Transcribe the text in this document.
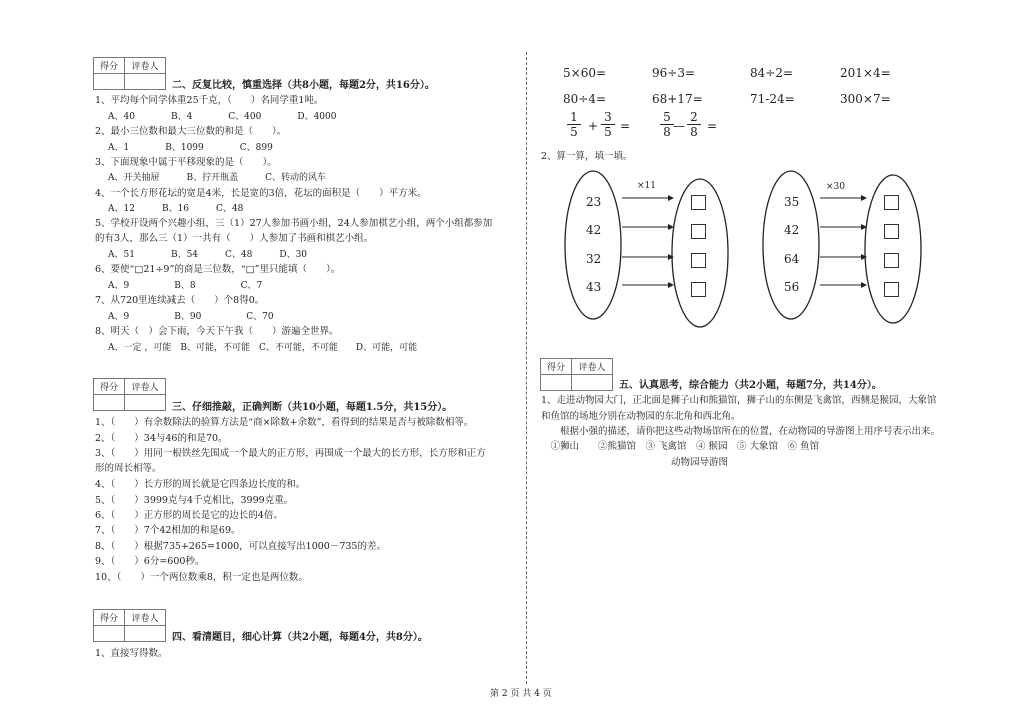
得分	评卷人

得分	评卷人

得分	评卷人

得分	评卷人

二、反复比较，慎重选择（共8小题，每题2分，共16分）。
1、平均每个同学体重25千克，（　　）名同学重1吨。
A、40　　　　B、4　　　　C、400　　　　D、4000
2、最小三位数和最大三位数的和是（　　）。
A、1　　　　B、1099　　　　C、899
3、下面现象中属于平移现象的是（　　）。
A、开关抽屉　　　B、拧开瓶盖　　　C、转动的风车
4、一个长方形花坛的宽是4米，长是宽的3倍，花坛的面积是（　　）平方米。
A、12　　　B、16　　　C、48
5、学校开设两个兴趣小组，三（1）27人参加书画小组，24人参加棋艺小组，两个小组都参加
的有3人，那么三（1）一共有（　　）人参加了书画和棋艺小组。
A、51　　　　B、54　　　C、48　　　D、30
6、要使“□21÷9”的商是三位数，“□”里只能填（　　）。
A、9　　　　　B、8　　　　　C、7
7、从720里连续减去（　　）个8得0。
A、9　　　　　B、90　　　　　C、70
8、明天（　）会下雨，今天下午我（　　）游遍全世界。
A、一定 ，可能　B、可能，不可能　C、不可能，不可能　　D、可能，可能
三、仔细推敲，正确判断（共10小题，每题1.5分，共15分）。
1、（　　）有余数除法的验算方法是“商×除数+余数”，看得到的结果是否与被除数相等。
2、（　　）34与46的和是70。
3、（　　）用同一根铁丝先围成一个最大的正方形，再围成一个最大的长方形，长方形和正方
形的周长相等。
4、（　　）长方形的周长就是它四条边长度的和。
5、（　　）3999克与4千克相比，3999克重。
6、（　　）正方形的周长是它的边长的4倍。
7、（　　）7个42相加的和是69。
8、（　　）根据735+265=1000，可以直接写出1000－735的差。
9、（　　）6分=600秒。
10、（　　）一个两位数乘8，积一定也是两位数。
四、看清题目，细心计算（共2小题，每题4分，共8分）。
1、直接写得数。
5×60=	96÷3=	84÷2=	201×4=
80÷4=	68+17=	71-24=	300×7=
$\frac{1}{5} + \frac{3}{5} = \frac{5}{8}$ — $\frac{2}{8}$ =
2、算一算，填一填。
×11
23
42
32
43
×30
35
42
64
56
五、认真思考，综合能力（共2小题，每题7分，共14分）。
1、走进动物园大门，正北面是狮子山和熊猫馆，狮子山的东侧是飞禽馆，西侧是猴园，大象馆
和鱼馆的场地分别在动物园的东北角和西北角。
　　根据小强的描述，请你把这些动物场馆所在的位置，在动物园的导游图上用序号表示出来。
　①狮山　　②熊猫馆　③ 飞禽馆　④ 猴园　⑤ 大象馆　⑥ 鱼馆
动物园导游图
第 2 页 共 4 页
